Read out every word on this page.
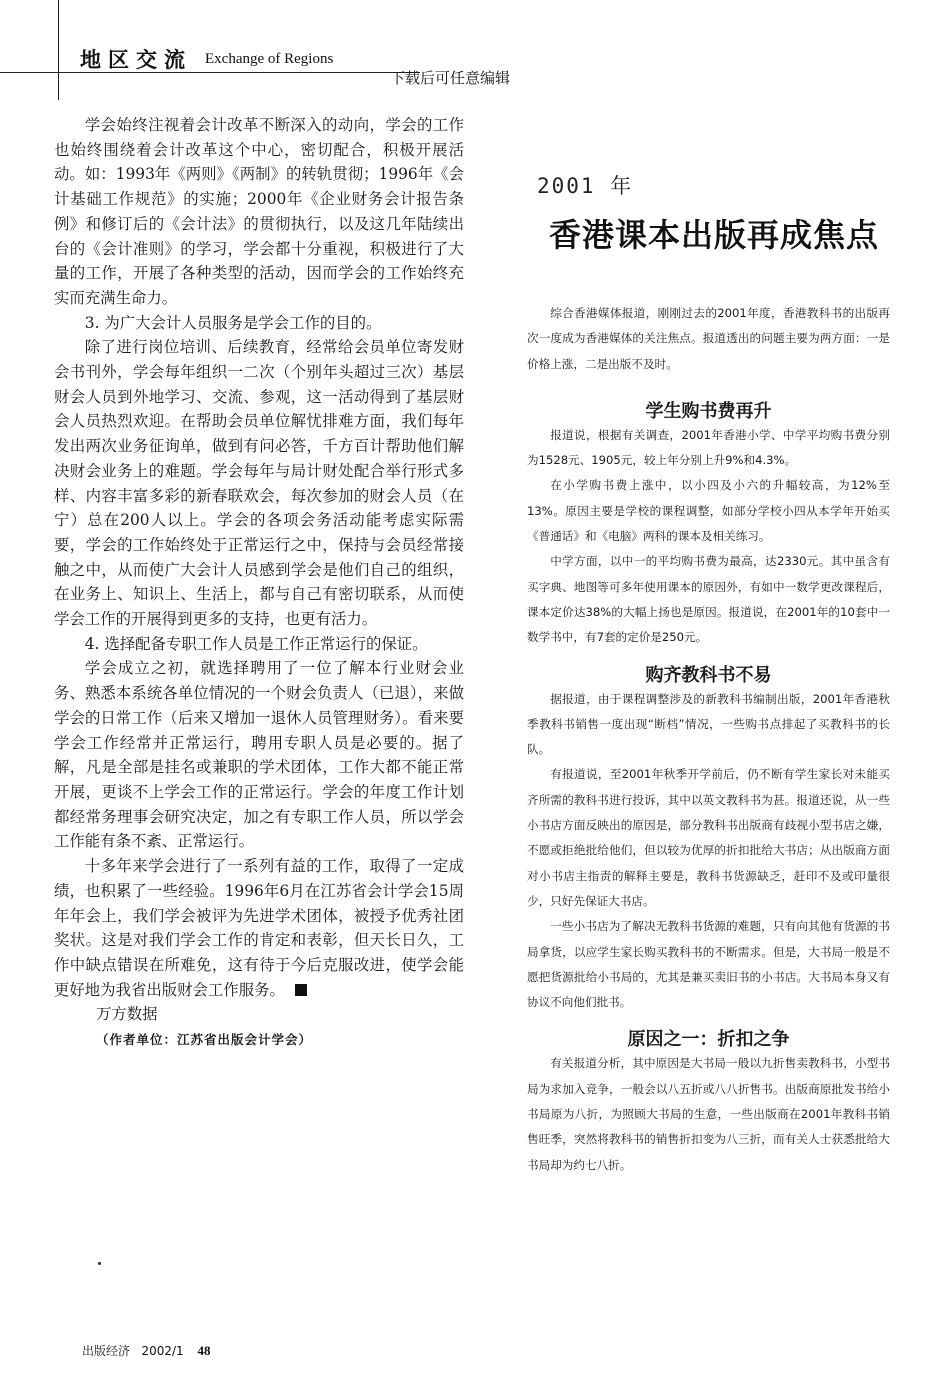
地区交流 Exchange of Regions
下载后可任意编辑

学会始终注视着会计改革不断深入的动向，学会的工作也始终围绕着会计改革这个中心，密切配合，积极开展活动。如：1993年《两则》《两制》的转轨贯彻；1996年《会计基础工作规范》的实施；2000年《企业财务会计报告条例》和修订后的《会计法》的贯彻执行，以及这几年陆续出台的《会计准则》的学习，学会都十分重视，积极进行了大量的工作，开展了各种类型的活动，因而学会的工作始终充实而充满生命力。

3. 为广大会计人员服务是学会工作的目的。

除了进行岗位培训、后续教育，经常给会员单位寄发财会书刊外，学会每年组织一二次（个别年头超过三次）基层财会人员到外地学习、交流、参观，这一活动得到了基层财会人员热烈欢迎。在帮助会员单位解忧排难方面，我们每年发出两次业务征询单，做到有问必答，千方百计帮助他们解决财会业务上的难题。学会每年与局计财处配合举行形式多样、内容丰富多彩的新春联欢会，每次参加的财会人员（在宁）总在200人以上。学会的各项会务活动能考虑实际需要，学会的工作始终处于正常运行之中，保持与会员经常接触之中，从而使广大会计人员感到学会是他们自己的组织，在业务上、知识上、生活上，都与自己有密切联系，从而使学会工作的开展得到更多的支持，也更有活力。

4. 选择配备专职工作人员是工作正常运行的保证。

学会成立之初，就选择聘用了一位了解本行业财会业务、熟悉本系统各单位情况的一个财会负责人（已退），来做学会的日常工作（后来又增加一退休人员管理财务）。看来要学会工作经常并正常运行，聘用专职人员是必要的。据了解，凡是全部是挂名或兼职的学术团体，工作大都不能正常开展，更谈不上学会工作的正常运行。学会的年度工作计划都经常务理事会研究决定，加之有专职工作人员，所以学会工作能有条不紊、正常运行。

十多年来学会进行了一系列有益的工作，取得了一定成绩，也积累了一些经验。1996年6月在江苏省会计学会15周年年会上，我们学会被评为先进学术团体，被授予优秀社团奖状。这是对我们学会工作的肯定和表彰，但天长日久，工作中缺点错误在所难免，这有待于今后克服改进，使学会能更好地为我省出版财会工作服务。

万方数据
（作者单位：江苏省出版会计学会）
2001 年
香港课本出版再成焦点

综合香港媒体报道，刚刚过去的2001年度，香港教科书的出版再次一度成为香港媒体的关注焦点。报道透出的问题主要为两方面：一是价格上涨，二是出版不及时。

学生购书费再升

报道说，根据有关调查，2001年香港小学、中学平均购书费分别为1528元、1905元，较上年分别上升9%和4.3%。

在小学购书费上涨中，以小四及小六的升幅较高，为12%至13%。原因主要是学校的课程调整，如部分学校小四从本学年开始买《普通话》和《电脑》两科的课本及相关练习。

中学方面，以中一的平均购书费为最高，达2330元。其中虽含有买字典、地图等可多年使用课本的原因外，有如中一数学更改课程后，课本定价达38%的大幅上扬也是原因。报道说，在2001年的10套中一数学书中，有7套的定价是250元。

购齐教科书不易

据报道，由于课程调整涉及的新教科书编制出版，2001年香港秋季教科书销售一度出现“断档”情况，一些购书点排起了买教科书的长队。

有报道说，至2001年秋季开学前后，仍不断有学生家长对未能买齐所需的教科书进行投诉，其中以英文教科书为甚。报道还说，从一些小书店方面反映出的原因是，部分教科书出版商有歧视小型书店之嫌，不愿或拒绝批给他们，但以较为优厚的折扣批给大书店；从出版商方面对小书店主指责的解释主要是，教科书货源缺乏，赶印不及或印量很少，只好先保证大书店。

一些小书店为了解决无教科书货源的难题，只有向其他有货源的书局拿货，以应学生家长购买教科书的不断需求。但是，大书局一般是不愿把货源批给小书局的，尤其是兼买卖旧书的小书店。大书局本身又有协议不向他们批书。

原因之一：折扣之争

有关报道分析，其中原因是大书局一般以九折售卖教科书，小型书局为求加入竞争，一般会以八五折或八八折售书。出版商原批发书给小书局原为八折，为照顾大书局的生意，一些出版商在2001年教科书销售旺季，突然将教科书的销售折扣变为八三折，而有关人士获悉批给大书局却为约七八折。

出版经济 2002/1 48
